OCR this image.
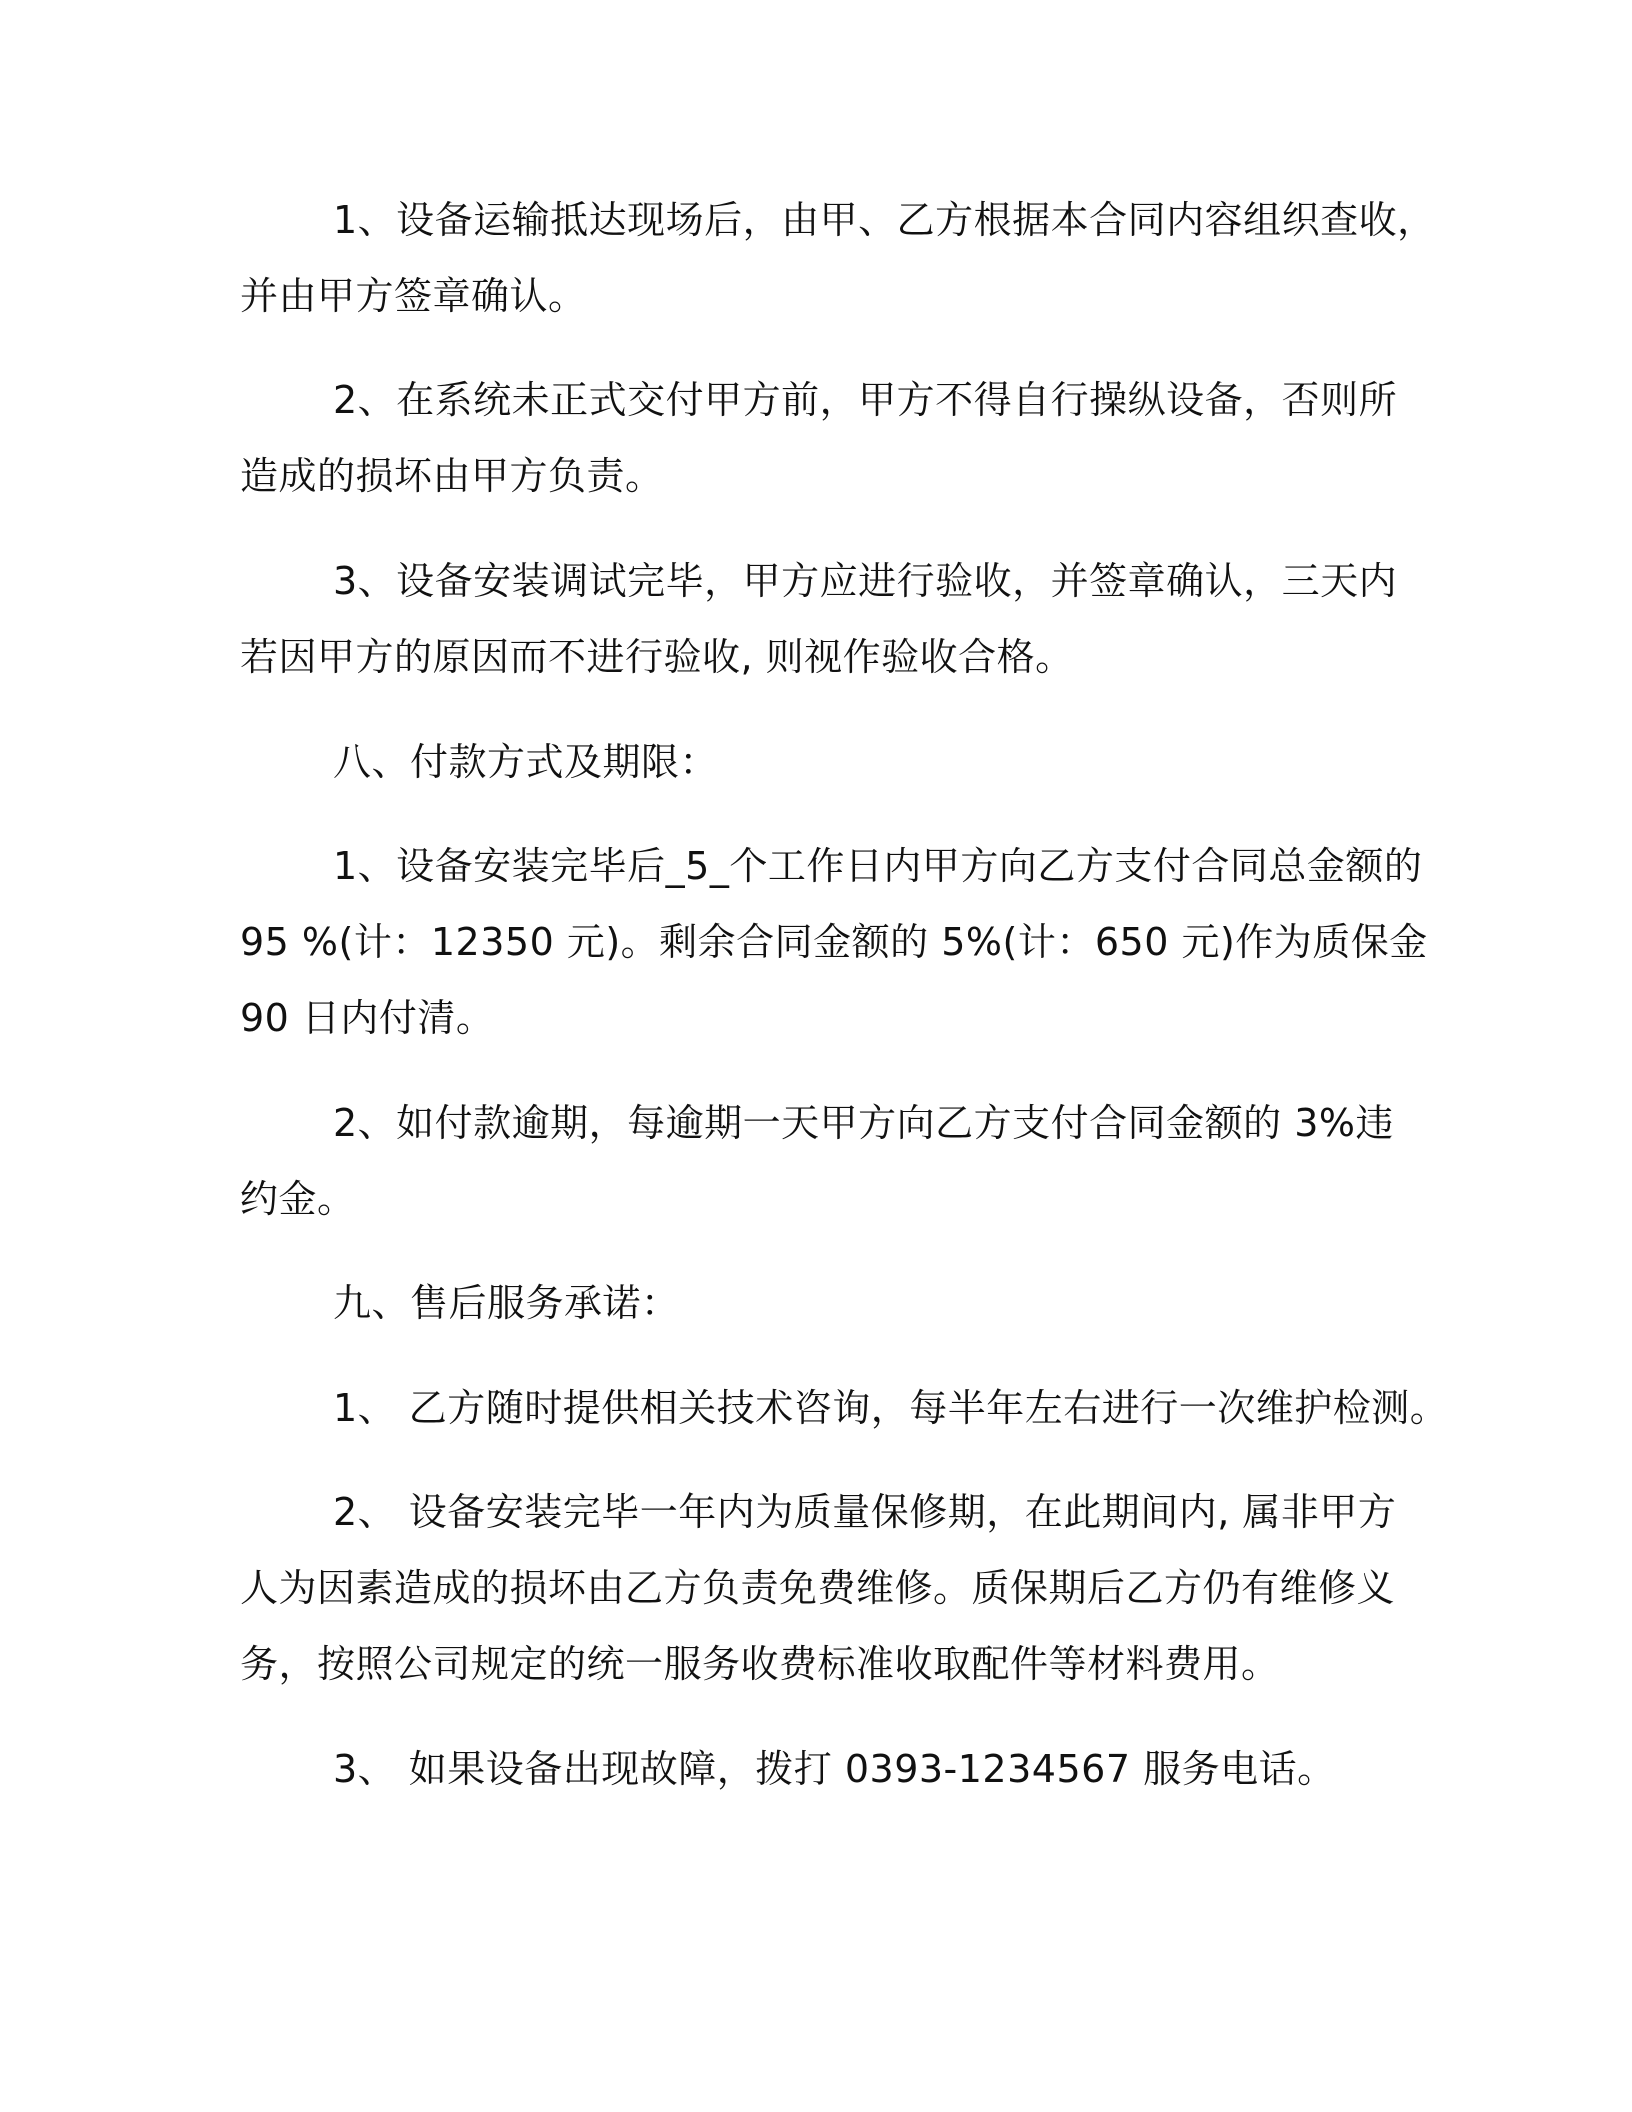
1、设备运输抵达现场后，由甲、乙方根据本合同内容组织查收，
并由甲方签章确认。
2、在系统未正式交付甲方前，甲方不得自行操纵设备，否则所
造成的损坏由甲方负责。
3、设备安装调试完毕，甲方应进行验收，并签章确认，三天内
若因甲方的原因而不进行验收, 则视作验收合格。
八、付款方式及期限：
1、设备安装完毕后_5_个工作日内甲方向乙方支付合同总金额的
95 %(计：12350 元)。剩余合同金额的 5%(计：650 元)作为质保金
90 日内付清。
2、如付款逾期，每逾期一天甲方向乙方支付合同金额的 3%违
约金。
九、售后服务承诺：
1、 乙方随时提供相关技术咨询，每半年左右进行一次维护检测。
2、 设备安装完毕一年内为质量保修期，在此期间内, 属非甲方
人为因素造成的损坏由乙方负责免费维修。质保期后乙方仍有维修义
务，按照公司规定的统一服务收费标准收取配件等材料费用。
3、 如果设备出现故障，拨打 0393-1234567 服务电话。
